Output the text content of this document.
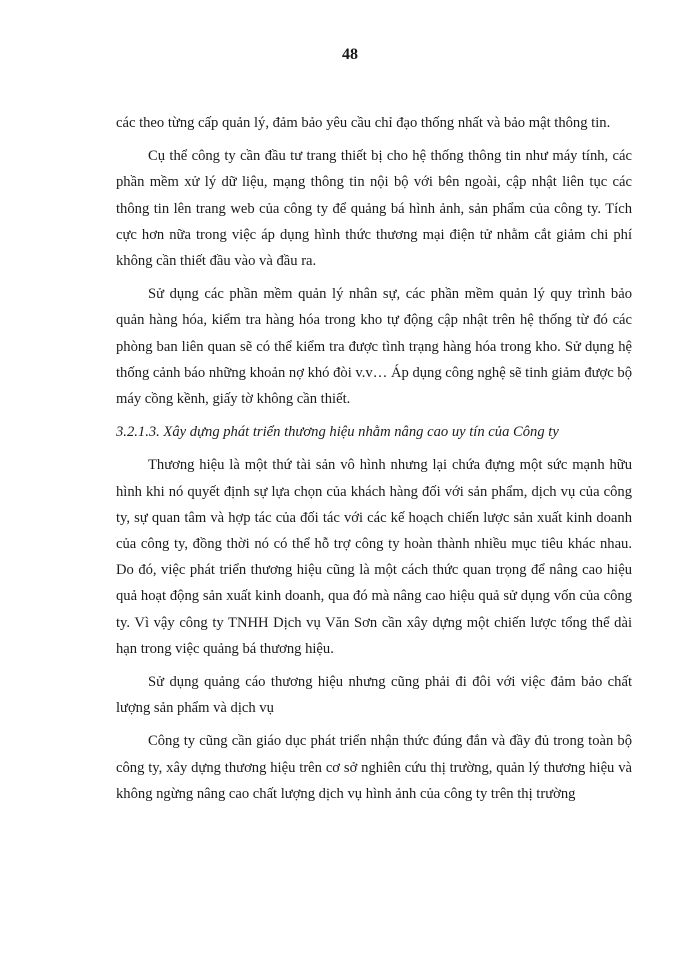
48

các theo từng cấp quản lý, đảm bảo yêu cầu chỉ đạo thống nhất và bảo mật thông tin.

Cụ thể công ty cần đầu tư trang thiết bị cho hệ thống thông tin như máy tính, các phần mềm xử lý dữ liệu, mạng thông tin nội bộ với bên ngoài, cập nhật liên tục các thông tin lên trang web của công ty để quảng bá hình ảnh, sản phẩm của công ty. Tích cực hơn nữa trong việc áp dụng hình thức thương mại điện tử nhằm cắt giảm chi phí không cần thiết đầu vào và đầu ra.

Sử dụng các phần mềm quản lý nhân sự, các phần mềm quản lý quy trình bảo quản hàng hóa, kiểm tra hàng hóa trong kho tự động cập nhật trên hệ thống từ đó các phòng ban liên quan sẽ có thể kiểm tra được tình trạng hàng hóa trong kho. Sử dụng hệ thống cảnh báo những khoản nợ khó đòi v.v… Áp dụng công nghệ sẽ tinh giảm được bộ máy cồng kềnh, giấy tờ không cần thiết.

3.2.1.3. Xây dựng phát triển thương hiệu nhằm nâng cao uy tín của Công ty

Thương hiệu là một thứ tài sản vô hình nhưng lại chứa đựng một sức mạnh hữu hình khi nó quyết định sự lựa chọn của khách hàng đối với sản phẩm, dịch vụ của công ty, sự quan tâm và hợp tác của đối tác với các kế hoạch chiến lược sản xuất kinh doanh của công ty, đồng thời nó có thể hỗ trợ công ty hoàn thành nhiều mục tiêu khác nhau. Do đó, việc phát triển thương hiệu cũng là một cách thức quan trọng để nâng cao hiệu quả hoạt động sản xuất kinh doanh, qua đó mà nâng cao hiệu quả sử dụng vốn của công ty. Vì vậy công ty TNHH Dịch vụ Văn Sơn cần xây dựng một chiến lược tổng thể dài hạn trong việc quảng bá thương hiệu.

Sử dụng quảng cáo thương hiệu nhưng cũng phải đi đôi với việc đảm bảo chất lượng sản phẩm và dịch vụ

Công ty cũng cần giáo dục phát triển nhận thức đúng đắn và đầy đủ trong toàn bộ công ty, xây dựng thương hiệu trên cơ sở nghiên cứu thị trường, quản lý thương hiệu và không ngừng nâng cao chất lượng dịch vụ hình ảnh của công ty trên thị trường
